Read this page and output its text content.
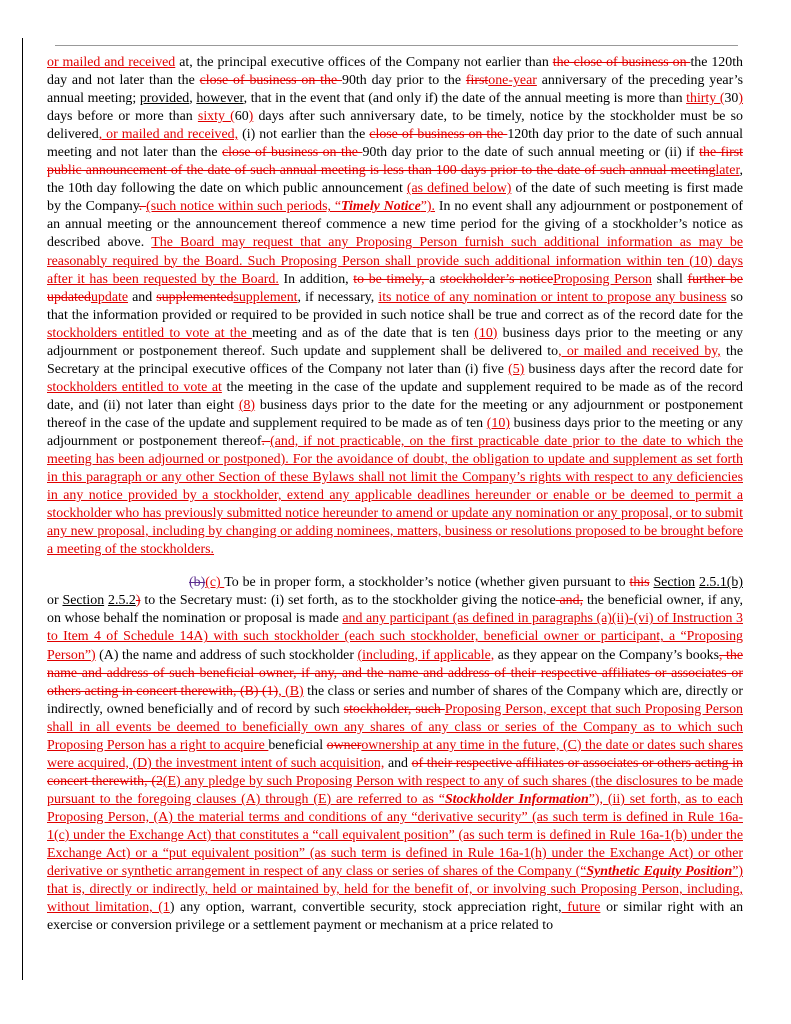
or mailed and received at, the principal executive offices of the Company not earlier than the close of business on the 120th day and not later than the close of business on the 90th day prior to the firstone-year anniversary of the preceding year’s annual meeting; provided, however, that in the event that (and only if) the date of the annual meeting is more than thirty (30) days before or more than sixty (60) days after such anniversary date, to be timely, notice by the stockholder must be so delivered, or mailed and received, (i) not earlier than the close of business on the 120th day prior to the date of such annual meeting and not later than the close of business on the 90th day prior to the date of such annual meeting or (ii) if the first public announcement of the date of such annual meeting is less than 100 days prior to the date of such annual meetinglater, the 10th day following the date on which public announcement (as defined below) of the date of such meeting is first made by the Company. (such notice within such periods, “Timely Notice”). In no event shall any adjournment or postponement of an annual meeting or the announcement thereof commence a new time period for the giving of a stockholder’s notice as described above. The Board may request that any Proposing Person furnish such additional information as may be reasonably required by the Board. Such Proposing Person shall provide such additional information within ten (10) days after it has been requested by the Board. In addition, to be timely, a stockholder’s noticeProposing Person shall further be updatedupdate and supplementedsupplement, if necessary, its notice of any nomination or intent to propose any business so that the information provided or required to be provided in such notice shall be true and correct as of the record date for the stockholders entitled to vote at the meeting and as of the date that is ten (10) business days prior to the meeting or any adjournment or postponement thereof. Such update and supplement shall be delivered to, or mailed and received by, the Secretary at the principal executive offices of the Company not later than (i) five (5) business days after the record date for stockholders entitled to vote at the meeting in the case of the update and supplement required to be made as of the record date, and (ii) not later than eight (8) business days prior to the date for the meeting or any adjournment or postponement thereof in the case of the update and supplement required to be made as of ten (10) business days prior to the meeting or any adjournment or postponement thereof. (and, if not practicable, on the first practicable date prior to the date to which the meeting has been adjourned or postponed). For the avoidance of doubt, the obligation to update and supplement as set forth in this paragraph or any other Section of these Bylaws shall not limit the Company’s rights with respect to any deficiencies in any notice provided by a stockholder, extend any applicable deadlines hereunder or enable or be deemed to permit a stockholder who has previously submitted notice hereunder to amend or update any nomination or any proposal, or to submit any new proposal, including by changing or adding nominees, matters, business or resolutions proposed to be brought before a meeting of the stockholders.

(b)(c) To be in proper form, a stockholder’s notice (whether given pursuant to this Section 2.5.1(b) or Section 2.5.2) to the Secretary must: (i) set forth, as to the stockholder giving the notice and, the beneficial owner, if any, on whose behalf the nomination or proposal is made and any participant (as defined in paragraphs (a)(ii)-(vi) of Instruction 3 to Item 4 of Schedule 14A) with such stockholder (each such stockholder, beneficial owner or participant, a “Proposing Person”) (A) the name and address of such stockholder (including, if applicable, as they appear on the Company’s books, the name and address of such beneficial owner, if any, and the name and address of their respective affiliates or associates or others acting in concert therewith, (B) (1), (B) the class or series and number of shares of the Company which are, directly or indirectly, owned beneficially and of record by such stockholder, such Proposing Person, except that such Proposing Person shall in all events be deemed to beneficially own any shares of any class or series of the Company as to which such Proposing Person has a right to acquire beneficial ownerownership at any time in the future, (C) the date or dates such shares were acquired, (D) the investment intent of such acquisition, and of their respective affiliates or associates or others acting in concert therewith, (2(E) any pledge by such Proposing Person with respect to any of such shares (the disclosures to be made pursuant to the foregoing clauses (A) through (E) are referred to as “Stockholder Information”), (ii) set forth, as to each Proposing Person, (A) the material terms and conditions of any “derivative security” (as such term is defined in Rule 16a-1(c) under the Exchange Act) that constitutes a “call equivalent position” (as such term is defined in Rule 16a-1(b) under the Exchange Act) or a “put equivalent position” (as such term is defined in Rule 16a-1(h) under the Exchange Act) or other derivative or synthetic arrangement in respect of any class or series of shares of the Company (“Synthetic Equity Position”) that is, directly or indirectly, held or maintained by, held for the benefit of, or involving such Proposing Person, including, without limitation, (1) any option, warrant, convertible security, stock appreciation right, future or similar right with an exercise or conversion privilege or a settlement payment or mechanism at a price related to
